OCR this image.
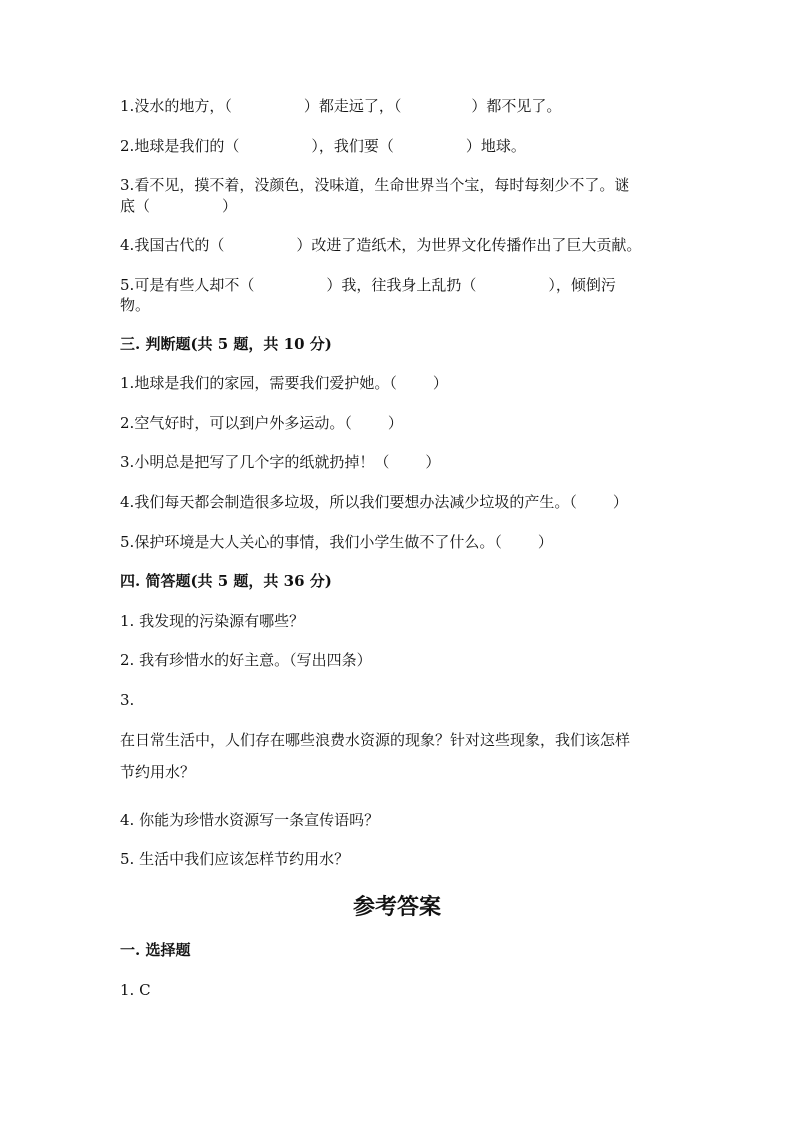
1.没水的地方，（	）都走远了，（	）都不见了。
2.地球是我们的（	），我们要（	）地球。
3.看不见，摸不着，没颜色，没味道，生命世界当个宝，每时每刻少不了。谜
底（	）
4.我国古代的（	）改进了造纸术，为世界文化传播作出了巨大贡献。
5.可是有些人却不（	）我，往我身上乱扔（	），倾倒污
物。
三. 判断题(共 5 题，共 10 分)
1.地球是我们的家园，需要我们爱护她。（ ）
2.空气好时，可以到户外多运动。（ ）
3.小明总是把写了几个字的纸就扔掉！（ ）
4.我们每天都会制造很多垃圾，所以我们要想办法减少垃圾的产生。（ ）
5.保护环境是大人关心的事情，我们小学生做不了什么。（ ）
四. 简答题(共 5 题，共 36 分)
1. 我发现的污染源有哪些？
2. 我有珍惜水的好主意。（写出四条）
3.
在日常生活中，人们存在哪些浪费水资源的现象？针对这些现象，我们该怎样
节约用水？
4. 你能为珍惜水资源写一条宣传语吗？
5. 生活中我们应该怎样节约用水？
参考答案
一. 选择题
1. C
